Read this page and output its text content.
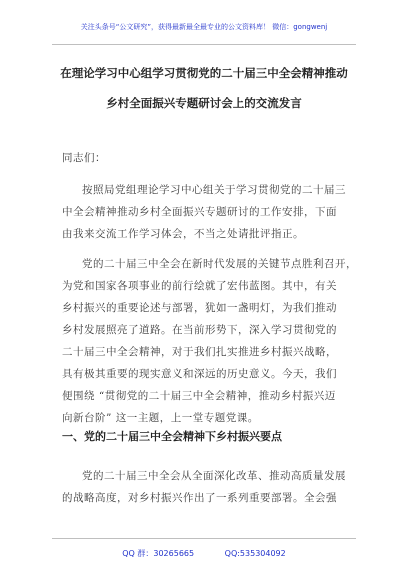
关注头条号“公文研究”，获得最新最全最专业的公文资料库！ 微信：gongwenj
在理论学习中心组学习贯彻党的二十届三中全会精神推动
乡村全面振兴专题研讨会上的交流发言
同志们：
按照局党组理论学习中心组关于学习贯彻党的二十届三
中全会精神推动乡村全面振兴专题研讨的工作安排，下面
由我来交流工作学习体会，不当之处请批评指正。
党的二十届三中全会在新时代发展的关键节点胜利召开，
为党和国家各项事业的前行绘就了宏伟蓝图。其中，有关
乡村振兴的重要论述与部署，犹如一盏明灯，为我们推动
乡村发展照亮了道路。在当前形势下，深入学习贯彻党的
二十届三中全会精神，对于我们扎实推进乡村振兴战略，
具有极其重要的现实意义和深远的历史意义。今天，我们
便围绕 “贯彻党的二十届三中全会精神，推动乡村振兴迈
向新台阶” 这一主题，上一堂专题党课。
一、党的二十届三中全会精神下乡村振兴要点
党的二十届三中全会从全面深化改革、推动高质量发展
的战略高度，对乡村振兴作出了一系列重要部署。全会强
QQ 群：30265665	QQ:535304092
